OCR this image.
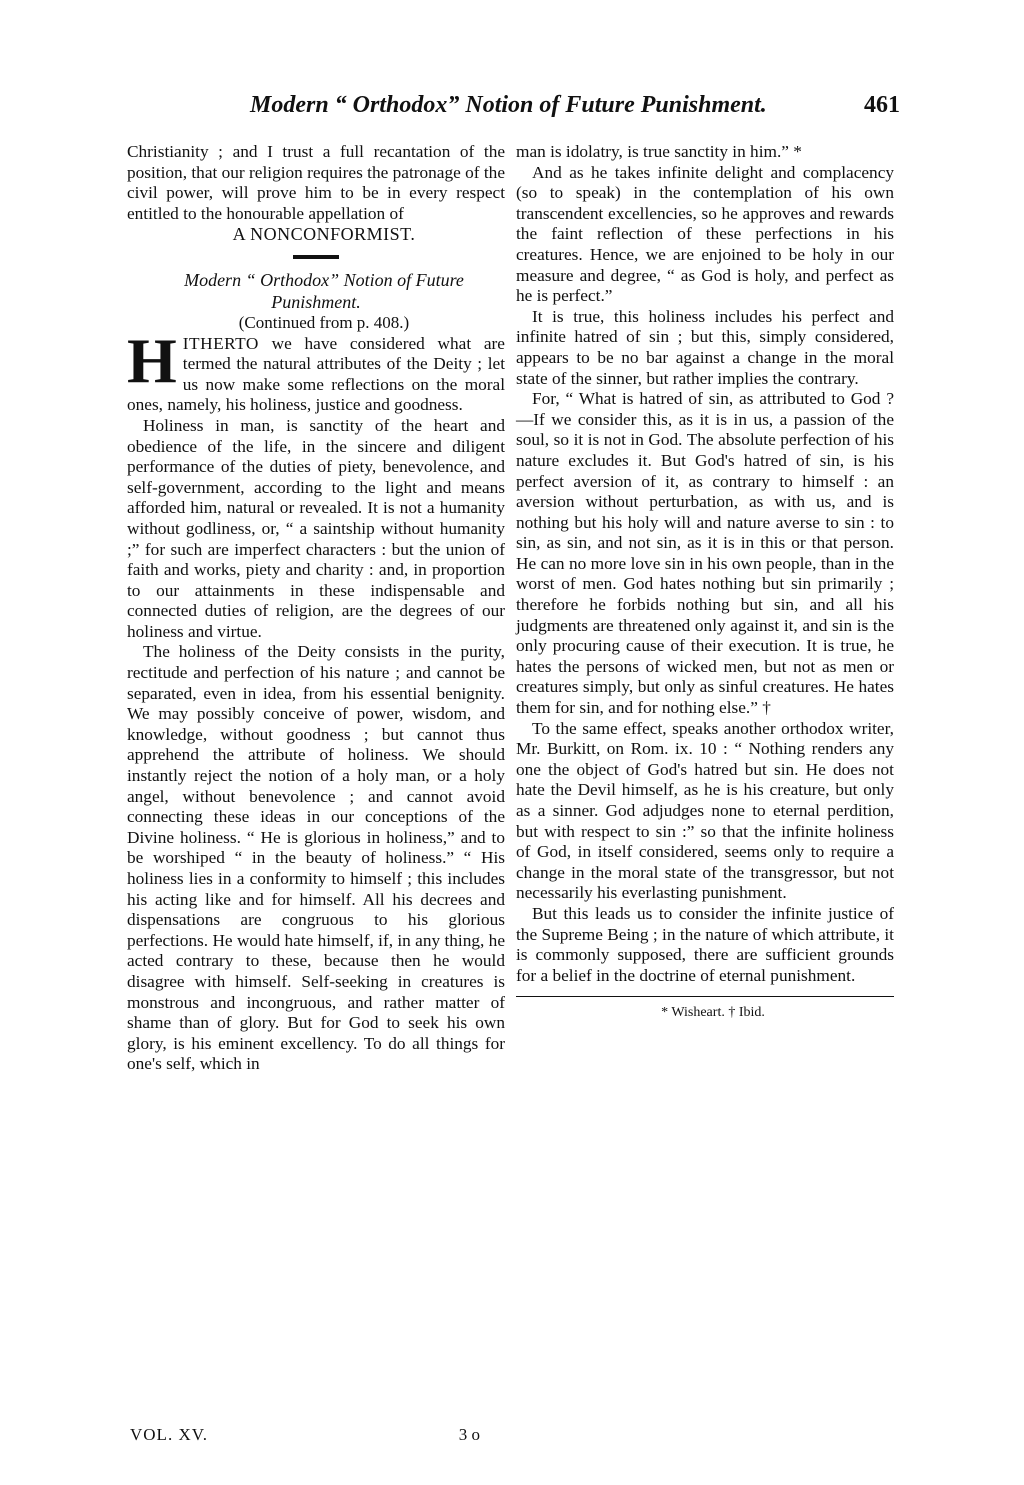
Modern “ Orthodox” Notion of Future Punishment.	461

Christianity ; and I trust a full recantation of the position, that our religion requires the patronage of the civil power, will prove him to be in every respect entitled to the honourable appellation of

A NONCONFORMIST.

Modern “ Orthodox” Notion of Future Punishment.

(Continued from p. 408.)

HITHERTO we have considered what are termed the natural attributes of the Deity ; let us now make some reflections on the moral ones, namely, his holiness, justice and goodness.

Holiness in man, is sanctity of the heart and obedience of the life, in the sincere and diligent performance of the duties of piety, benevolence, and self-government, according to the light and means afforded him, natural or revealed. It is not a humanity without godliness, or, “ a saintship without humanity ;” for such are imperfect characters : but the union of faith and works, piety and charity : and, in proportion to our attainments in these indispensable and connected duties of religion, are the degrees of our holiness and virtue.

The holiness of the Deity consists in the purity, rectitude and perfection of his nature ; and cannot be separated, even in idea, from his essential benignity. We may possibly conceive of power, wisdom, and knowledge, without goodness ; but cannot thus apprehend the attribute of holiness. We should instantly reject the notion of a holy man, or a holy angel, without benevolence ; and cannot avoid connecting these ideas in our conceptions of the Divine holiness. “ He is glorious in holiness,” and to be worshiped “ in the beauty of holiness.” “ His holiness lies in a conformity to himself ; this includes his acting like and for himself. All his decrees and dispensations are congruous to his glorious perfections. He would hate himself, if, in any thing, he acted contrary to these, because then he would disagree with himself. Self-seeking in creatures is monstrous and incongruous, and rather matter of shame than of glory. But for God to seek his own glory, is his eminent excellency. To do all things for one's self, which in

man is idolatry, is true sanctity in him.” *

And as he takes infinite delight and complacency (so to speak) in the contemplation of his own transcendent excellencies, so he approves and rewards the faint reflection of these perfections in his creatures. Hence, we are enjoined to be holy in our measure and degree, “ as God is holy, and perfect as he is perfect.”

It is true, this holiness includes his perfect and infinite hatred of sin ; but this, simply considered, appears to be no bar against a change in the moral state of the sinner, but rather implies the contrary.

For, “ What is hatred of sin, as attributed to God ?—If we consider this, as it is in us, a passion of the soul, so it is not in God. The absolute perfection of his nature excludes it. But God's hatred of sin, is his perfect aversion of it, as contrary to himself : an aversion without perturbation, as with us, and is nothing but his holy will and nature averse to sin : to sin, as sin, and not sin, as it is in this or that person. He can no more love sin in his own people, than in the worst of men. God hates nothing but sin primarily ; therefore he forbids nothing but sin, and all his judgments are threatened only against it, and sin is the only procuring cause of their execution. It is true, he hates the persons of wicked men, but not as men or creatures simply, but only as sinful creatures. He hates them for sin, and for nothing else.” †

To the same effect, speaks another orthodox writer, Mr. Burkitt, on Rom. ix. 10 : “ Nothing renders any one the object of God's hatred but sin. He does not hate the Devil himself, as he is his creature, but only as a sinner. God adjudges none to eternal perdition, but with respect to sin :” so that the infinite holiness of God, in itself considered, seems only to require a change in the moral state of the transgressor, but not necessarily his everlasting punishment.

But this leads us to consider the infinite justice of the Supreme Being ; in the nature of which attribute, it is commonly supposed, there are sufficient grounds for a belief in the doctrine of eternal punishment.

* Wisheart. † Ibid.

VOL. XV.	3 o
